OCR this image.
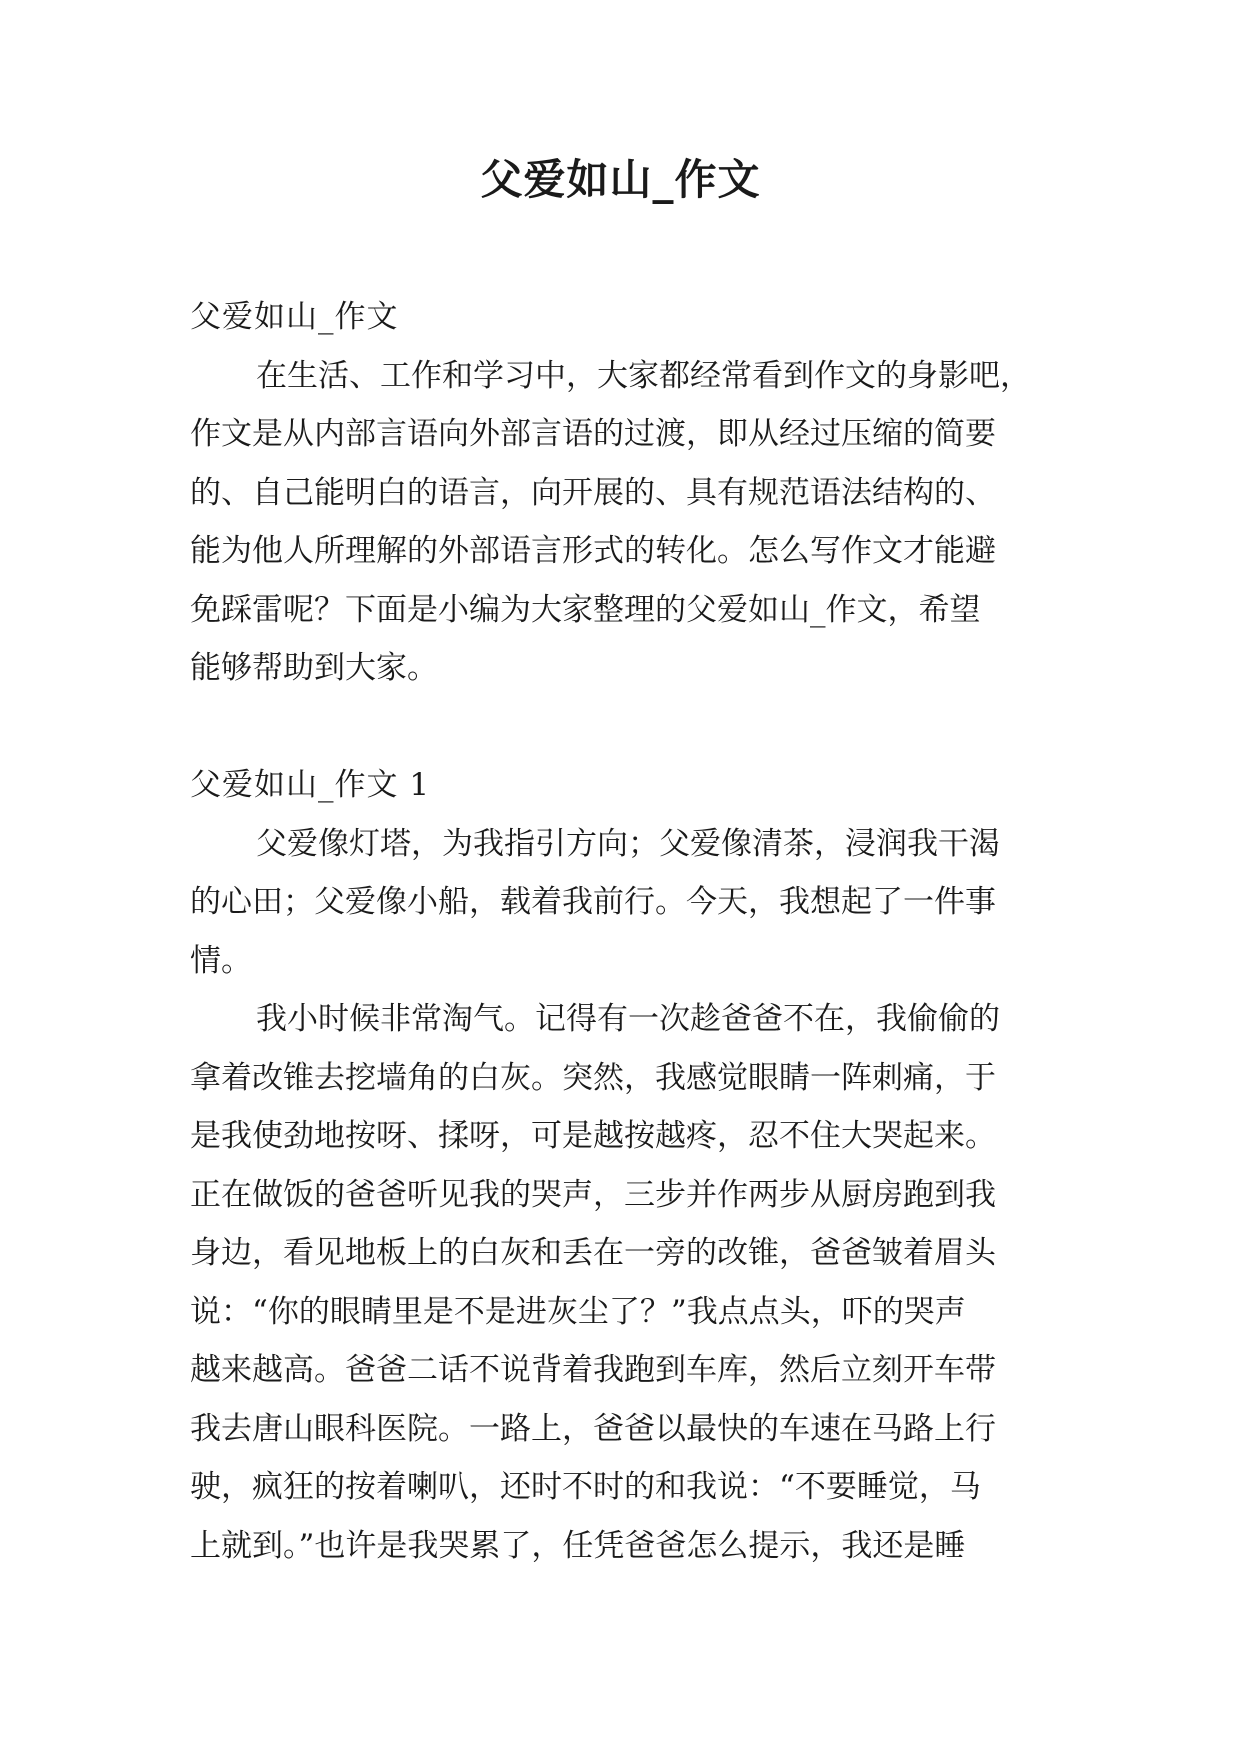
父爱如山_作文
父爱如山_作文
在生活、工作和学习中，大家都经常看到作文的身影吧，
作文是从内部言语向外部言语的过渡，即从经过压缩的简要
的、自己能明白的语言，向开展的、具有规范语法结构的、
能为他人所理解的外部语言形式的转化。怎么写作文才能避
免踩雷呢？下面是小编为大家整理的父爱如山_作文，希望
能够帮助到大家。
父爱如山_作文 1
父爱像灯塔，为我指引方向；父爱像清茶，浸润我干渴
的心田；父爱像小船，载着我前行。今天，我想起了一件事
情。
我小时候非常淘气。记得有一次趁爸爸不在，我偷偷的
拿着改锥去挖墙角的白灰。突然，我感觉眼睛一阵刺痛，于
是我使劲地按呀、揉呀，可是越按越疼，忍不住大哭起来。
正在做饭的爸爸听见我的哭声，三步并作两步从厨房跑到我
身边，看见地板上的白灰和丢在一旁的改锥，爸爸皱着眉头
说：“你的眼睛里是不是进灰尘了？”我点点头，吓的哭声
越来越高。爸爸二话不说背着我跑到车库，然后立刻开车带
我去唐山眼科医院。一路上，爸爸以最快的车速在马路上行
驶，疯狂的按着喇叭，还时不时的和我说：“不要睡觉，马
上就到。”也许是我哭累了，任凭爸爸怎么提示，我还是睡
